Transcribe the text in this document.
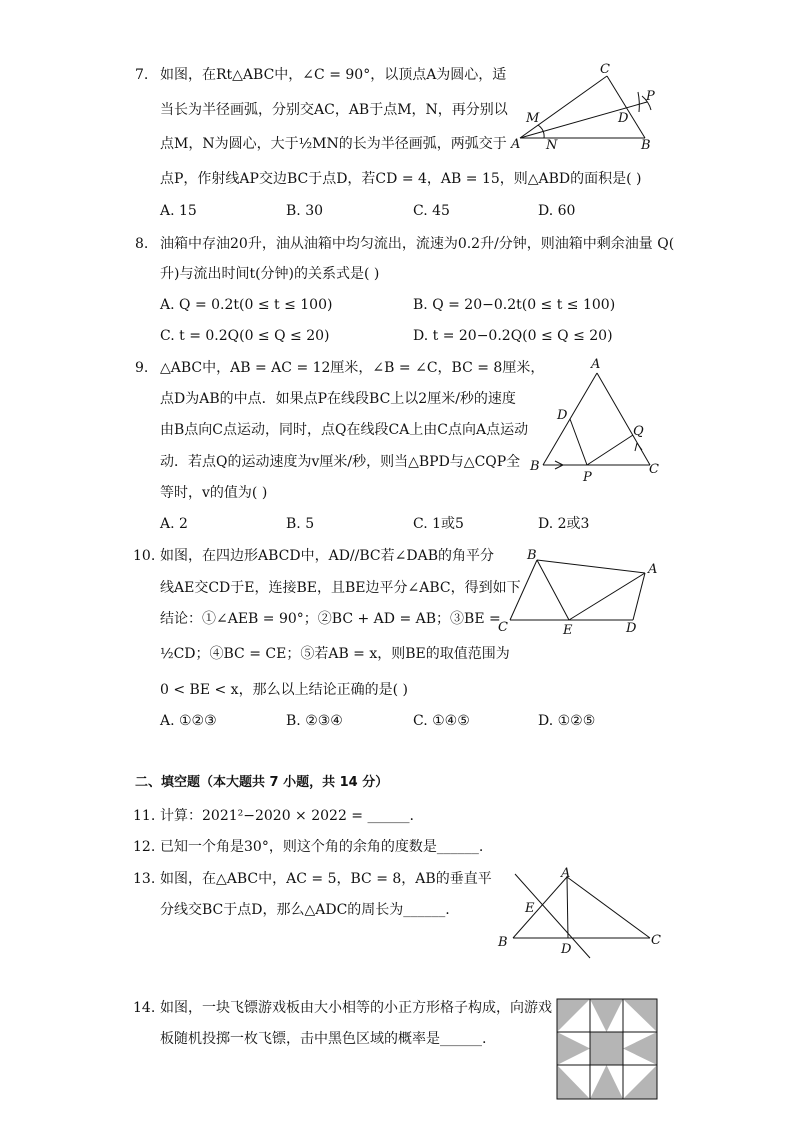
7. 如图，在Rt△ABC中，∠C = 90°，以顶点A为圆心，适
当长为半径画弧，分别交AC，AB于点M，N，再分别以
点M，N为圆心，大于½MN的长为半径画弧，两弧交于
点P，作射线AP交边BC于点D，若CD = 4，AB = 15，则△ABD的面积是( )
A. 15	B. 30	C. 45	D. 60
C
P
M	D
A N	B
8. 油箱中存油20升，油从油箱中均匀流出，流速为0.2升/分钟，则油箱中剩余油量 Q(
升)与流出时间t(分钟)的关系式是( )
A. Q = 0.2t(0 ≤ t ≤ 100)	B. Q = 20−0.2t(0 ≤ t ≤ 100)
C. t = 0.2Q(0 ≤ Q ≤ 20)	D. t = 20−0.2Q(0 ≤ Q ≤ 20)
9. △ABC中，AB = AC = 12厘米，∠B = ∠C，BC = 8厘米，
点D为AB的中点．如果点P在线段BC上以2厘米/秒的速度
由B点向C点运动，同时，点Q在线段CA上由C点向A点运动
动．若点Q的运动速度为v厘米/秒，则当△BPD与△CQP全
等时，v的值为( )
A. 2	B. 5	C. 1或5	D. 2或3
A
D
Q
B
P
C
10. 如图，在四边形ABCD中，AD//BC若∠DAB的角平分
线AE交CD于E，连接BE，且BE边平分∠ABC，得到如下
结论：①∠AEB = 90°；②BC + AD = AB；③BE =
½CD；④BC = CE；⑤若AB = x，则BE的取值范围为
0 < BE < x，那么以上结论正确的是( )
A. ①②③	B. ②③④	C. ①④⑤	D. ①②⑤
B
A
C	E	D
二、填空题（本大题共 7 小题，共 14 分）
11. 计算：2021²−2020 × 2022 = ______.
12. 已知一个角是30°，则这个角的余角的度数是______.
13. 如图，在△ABC中，AC = 5，BC = 8，AB的垂直平
分线交BC于点D，那么△ADC的周长为______.
A
E
B	D
C
14. 如图，一块飞镖游戏板由大小相等的小正方形格子构成，向游戏
板随机投掷一枚飞镖，击中黑色区域的概率是______.
